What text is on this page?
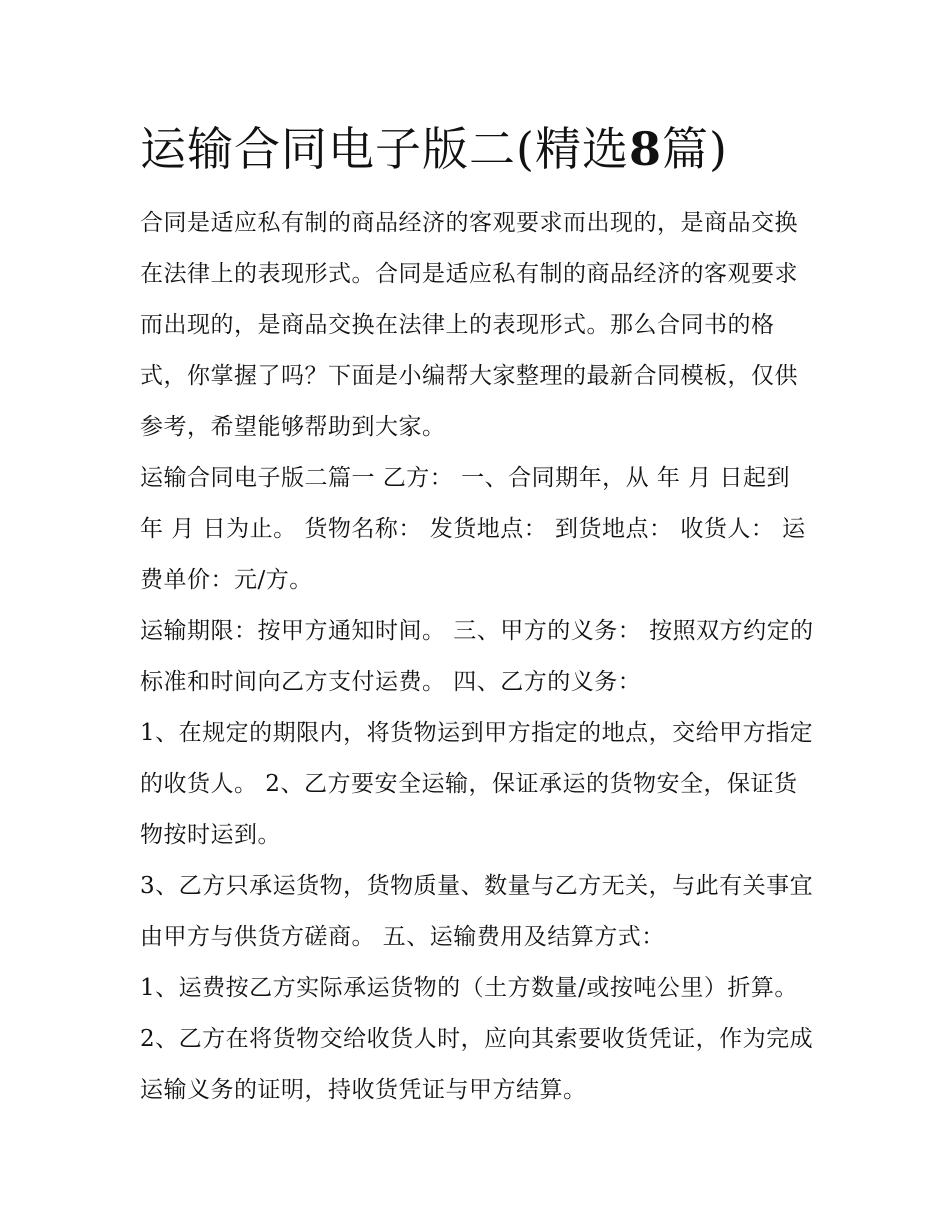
运输合同电子版二(精选8篇)

合同是适应私有制的商品经济的客观要求而出现的，是商品交换在法律上的表现形式。合同是适应私有制的商品经济的客观要求而出现的，是商品交换在法律上的表现形式。那么合同书的格式，你掌握了吗？下面是小编帮大家整理的最新合同模板，仅供参考，希望能够帮助到大家。

运输合同电子版二篇一 乙方： 一、合同期年，从 年 月 日起到 年 月 日为止。 货物名称： 发货地点： 到货地点： 收货人： 运费单价：元/方。

运输期限：按甲方通知时间。 三、甲方的义务： 按照双方约定的标准和时间向乙方支付运费。 四、乙方的义务：

1、在规定的期限内，将货物运到甲方指定的地点，交给甲方指定的收货人。 2、乙方要安全运输，保证承运的货物安全，保证货物按时运到。

3、乙方只承运货物，货物质量、数量与乙方无关，与此有关事宜由甲方与供货方磋商。 五、运输费用及结算方式：

1、运费按乙方实际承运货物的（土方数量/或按吨公里）折算。 2、乙方在将货物交给收货人时，应向其索要收货凭证，作为完成运输义务的证明，持收货凭证与甲方结算。
